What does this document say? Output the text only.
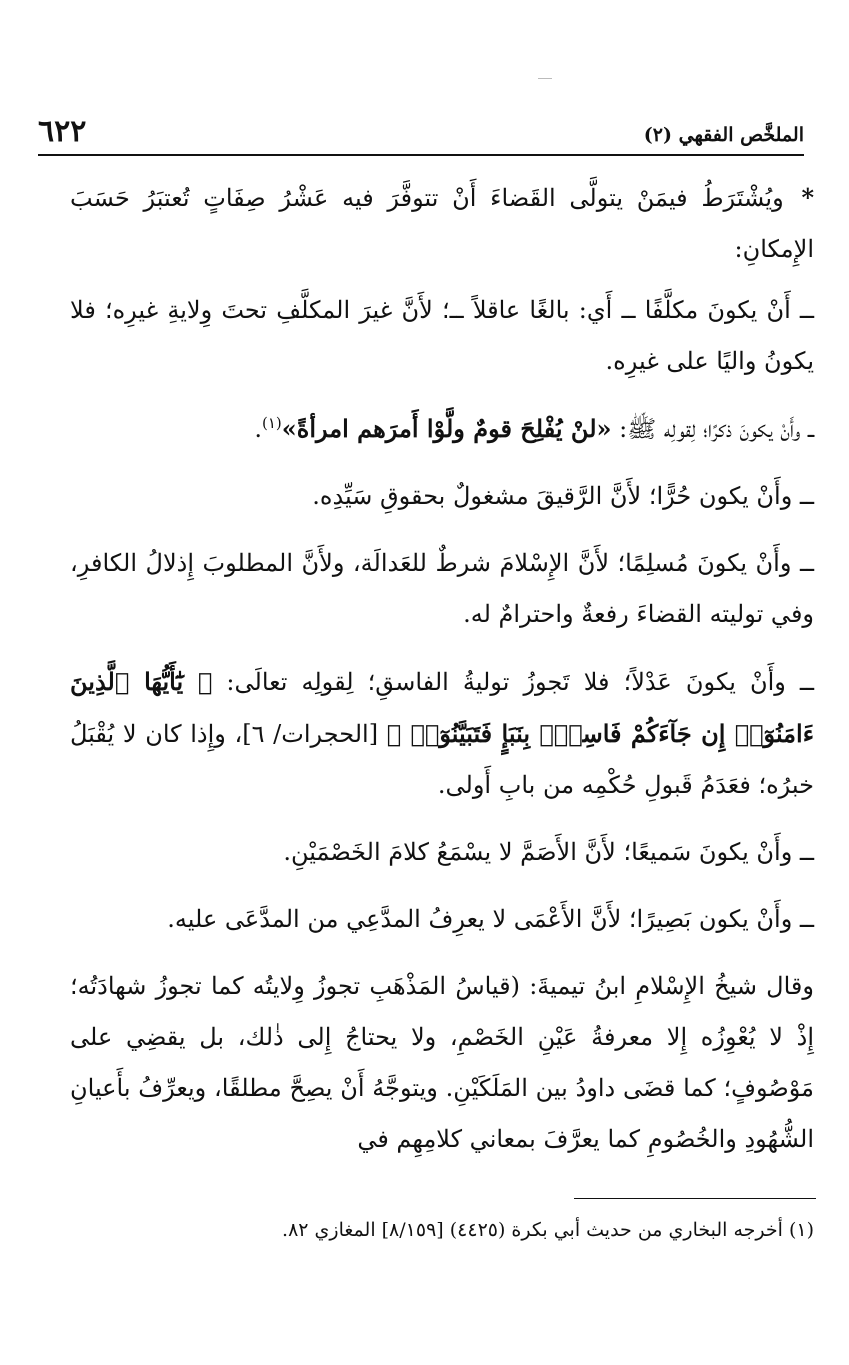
الملخَّص الفقهي (٢)
٦٢٢

* ويُشْتَرَطُ فيمَنْ يتولَّى القَضاءَ أَنْ تتوفَّرَ فيه عَشْرُ صِفَاتٍ تُعتبَرُ حَسَبَ الإِمكانِ:

ــ أَنْ يكونَ مكلَّفًا ــ أَي: بالغًا عاقلاً ــ؛ لأَنَّ غيرَ المكلَّفِ تحتَ وِلايةِ غيرِه؛ فلا يكونُ واليًا على غيرِه.

ــ وأَنْ يكونَ ذكرًا؛ لِقولِه ﷺ: «لنْ يُفْلِحَ قومٌ ولَّوْا أَمرَهم امرأةً»$^{(١)}$.

ــ وأَنْ يكون حُرًّا؛ لأَنَّ الرَّقيقَ مشغولٌ بحقوقِ سَيِّدِه.

ــ وأَنْ يكونَ مُسلِمًا؛ لأَنَّ الإِسْلامَ شرطٌ للعَدالَة، ولأَنَّ المطلوبَ إِذلالُ الكافرِ، وفي توليته القضاءَ رفعةٌ واحترامٌ له.

ــ وأَنْ يكونَ عَدْلاً؛ فلا تَجوزُ توليةُ الفاسقِ؛ لِقولِه تعالَى: ﴿ يَٰٓأَيُّهَا ٱلَّذِينَ ءَامَنُوٓا۟ إِن جَآءَكُمْ فَاسِقٌۢ بِنَبَإٍ فَتَبَيَّنُوٓا۟ ﴾ [الحجرات/ ٦]، وإِذا كان لا يُقْبَلُ خبرُه؛ فعَدَمُ قَبولِ حُكْمِه من بابِ أَولى.

ــ وأَنْ يكونَ سَميعًا؛ لأَنَّ الأَصَمَّ لا يسْمَعُ كلامَ الخَصْمَيْنِ.

ــ وأَنْ يكون بَصِيرًا؛ لأَنَّ الأَعْمَى لا يعرِفُ المدَّعِي من المدَّعَى عليه.

وقال شيخُ الإِسْلامِ ابنُ تيميةَ: (قياسُ المَذْهَبِ تجوزُ وِلايتُه كما تجوزُ شهادَتُه؛ إِذْ لا يُعْوِزُه إِلا معرفةُ عَيْنِ الخَصْمِ، ولا يحتاجُ إِلى ذٰلك، بل يقضِي على مَوْصُوفٍ؛ كما قضَى داودُ بين المَلَكَيْنِ. ويتوجَّهُ أَنْ يصِحَّ مطلقًا، ويعرِّفُ بأَعيانِ الشُّهُودِ والخُصُومِ كما يعرَّفَ بمعاني كلامِهِم في

(١) أخرجه البخاري من حديث أبي بكرة (٤٤٢٥) [٨/١٥٩] المغازي ٨٢.
